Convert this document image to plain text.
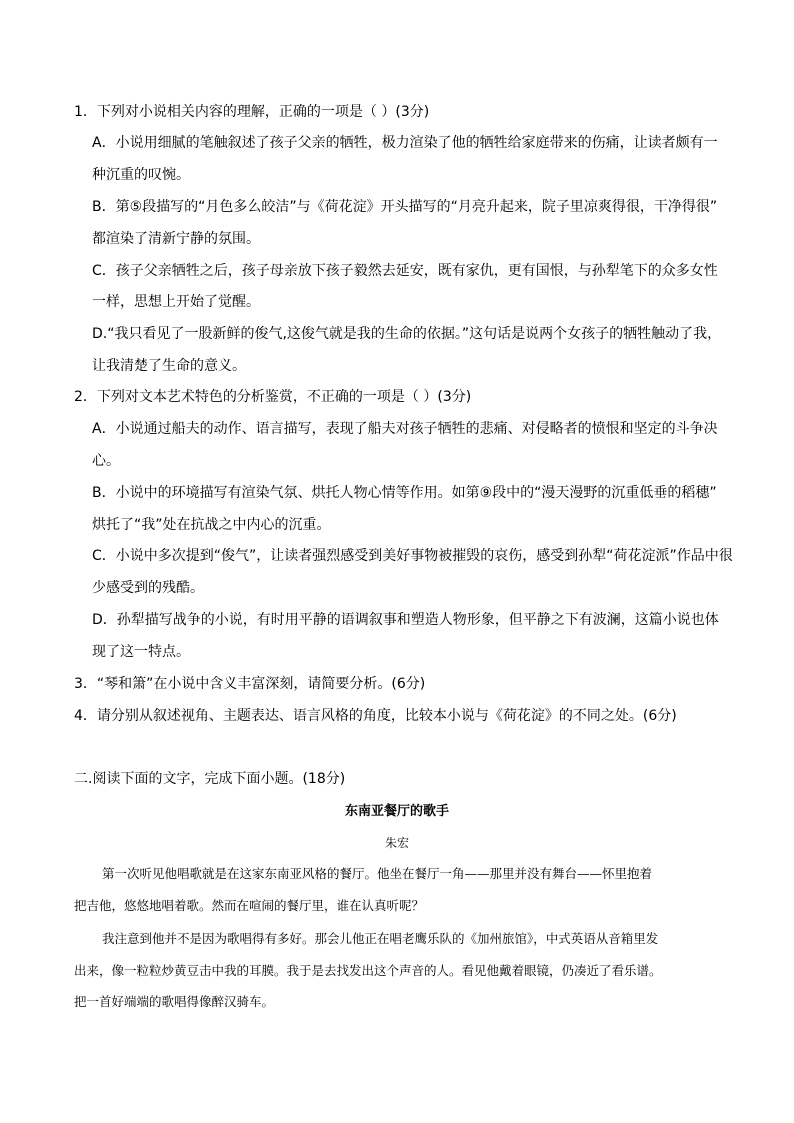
1．下列对小说相关内容的理解，正确的一项是（ ）(3分)
A．小说用细腻的笔触叙述了孩子父亲的牺牲，极力渲染了他的牺牲给家庭带来的伤痛，让读者颇有一
种沉重的叹惋。
B．第⑤段描写的“月色多么皎洁”与《荷花淀》开头描写的“月亮升起来，院子里凉爽得很，干净得很”
都渲染了清新宁静的氛围。
C．孩子父亲牺牲之后，孩子母亲放下孩子毅然去延安，既有家仇，更有国恨，与孙犁笔下的众多女性
一样，思想上开始了觉醒。
D.“我只看见了一股新鲜的俊气,这俊气就是我的生命的依据。”这句话是说两个女孩子的牺牲触动了我，
让我清楚了生命的意义。
2．下列对文本艺术特色的分析鉴赏，不正确的一项是（ ）(3分)
A．小说通过船夫的动作、语言描写，表现了船夫对孩子牺牲的悲痛、对侵略者的愤恨和坚定的斗争决
心。
B．小说中的环境描写有渲染气氛、烘托人物心情等作用。如第⑨段中的“漫天漫野的沉重低垂的稻穗”
烘托了“我”处在抗战之中内心的沉重。
C．小说中多次提到“俊气”，让读者强烈感受到美好事物被摧毁的哀伤，感受到孙犁“荷花淀派”作品中很
少感受到的残酷。
D．孙犁描写战争的小说，有时用平静的语调叙事和塑造人物形象，但平静之下有波澜，这篇小说也体
现了这一特点。
3．“琴和箫”在小说中含义丰富深刻，请简要分析。(6分)
4．请分别从叙述视角、主题表达、语言风格的角度，比较本小说与《荷花淀》的不同之处。(6分)
二.阅读下面的文字，完成下面小题。(18分)
东南亚餐厅的歌手
朱宏
第一次听见他唱歌就是在这家东南亚风格的餐厅。他坐在餐厅一角——那里并没有舞台——怀里抱着
把吉他，悠悠地唱着歌。然而在喧闹的餐厅里，谁在认真听呢？
我注意到他并不是因为歌唱得有多好。那会儿他正在唱老鹰乐队的《加州旅馆》，中式英语从音箱里发
出来，像一粒粒炒黄豆击中我的耳膜。我于是去找发出这个声音的人。看见他戴着眼镜，仍凑近了看乐谱。
把一首好端端的歌唱得像醉汉骑车。
